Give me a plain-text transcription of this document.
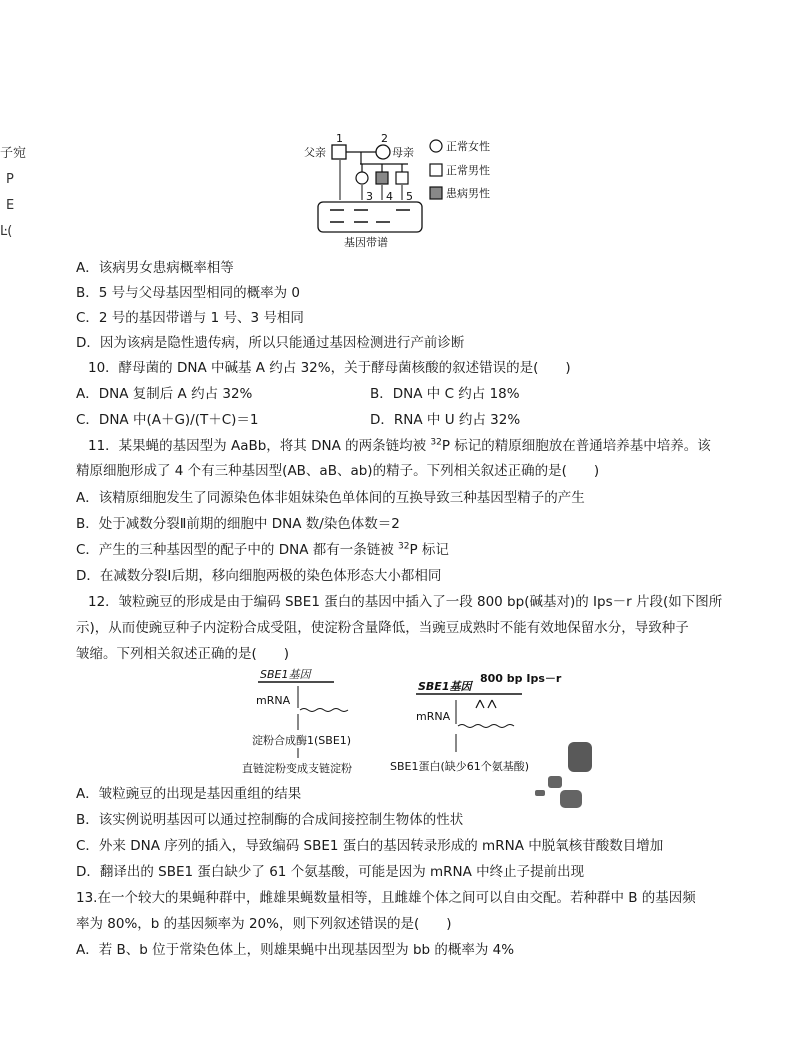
子宛
P
E
Ŀ(
父亲
1	2
母亲
3 4 5
基因带谱
正常女性
正常男性
患病男性
A．该病男女患病概率相等
B．5 号与父母基因型相同的概率为 0
C．2 号的基因带谱与 1 号、3 号相同
D．因为该病是隐性遗传病，所以只能通过基因检测进行产前诊断
10．酵母菌的 DNA 中碱基 A 约占 32%，关于酵母菌核酸的叙述错误的是(　　)
A．DNA 复制后 A 约占 32%	B．DNA 中 C 约占 18%
C．DNA 中(A＋G)/(T＋C)＝1	D．RNA 中 U 约占 32%
11．某果蝇的基因型为 AaBb，将其 DNA 的两条链均被 $^{32}$P 标记的精原细胞放在普通培养基中培养。该
精原细胞形成了 4 个有三种基因型(AB、aB、ab)的精子。下列相关叙述正确的是(　　)
A．该精原细胞发生了同源染色体非姐妹染色单体间的互换导致三种基因型精子的产生
B．处于减数分裂Ⅱ前期的细胞中 DNA 数/染色体数＝2
C．产生的三种基因型的配子中的 DNA 都有一条链被 $^{32}$P 标记
D．在减数分裂Ⅰ后期，移向细胞两极的染色体形态大小都相同
12．皱粒豌豆的形成是由于编码 SBE1 蛋白的基因中插入了一段 800 bp(碱基对)的 Ips－r 片段(如下图所
示)，从而使豌豆种子内淀粉合成受阻，使淀粉含量降低，当豌豆成熟时不能有效地保留水分，导致种子
皱缩。下列相关叙述正确的是(　　)
SBE1基因
mRNA
淀粉合成酶1(SBE1)
直链淀粉变成支链淀粉
SBE1基因
800 bp Ips－r
mRNA
SBE1蛋白(缺少61个氨基酸)
A．皱粒豌豆的出现是基因重组的结果
B．该实例说明基因可以通过控制酶的合成间接控制生物体的性状
C．外来 DNA 序列的插入，导致编码 SBE1 蛋白的基因转录形成的 mRNA 中脱氧核苷酸数目增加
D．翻译出的 SBE1 蛋白缺少了 61 个氨基酸，可能是因为 mRNA 中终止子提前出现
13.在一个较大的果蝇种群中，雌雄果蝇数量相等，且雌雄个体之间可以自由交配。若种群中 B 的基因频
率为 80%，b 的基因频率为 20%，则下列叙述错误的是(　　)
A．若 B、b 位于常染色体上，则雄果蝇中出现基因型为 bb 的概率为 4%
